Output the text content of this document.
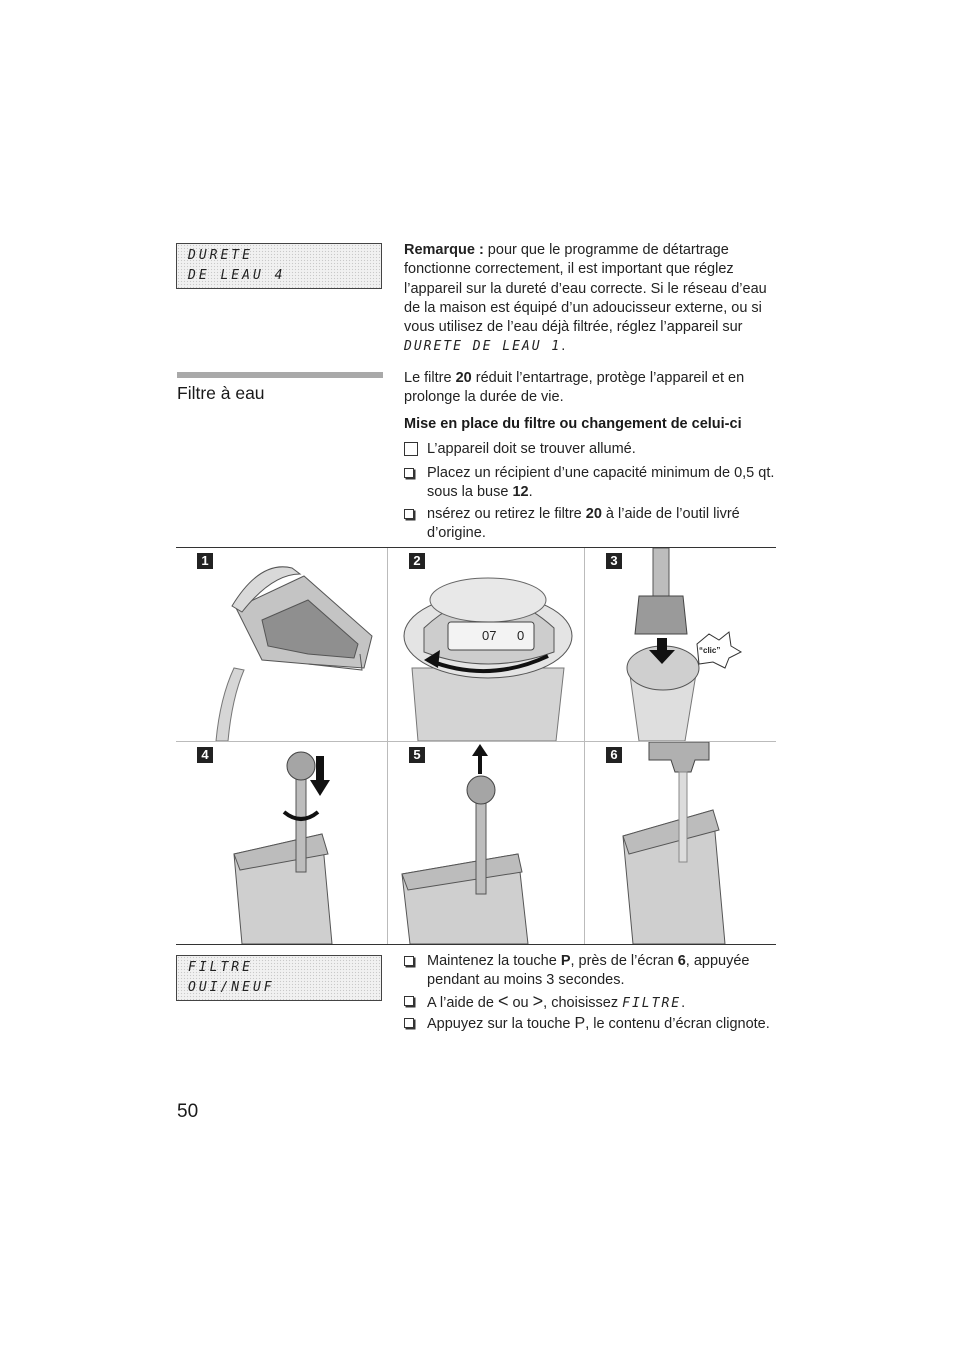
DURETE
DE LEAU 4
Remarque : pour que le programme de détartrage fonctionne correctement, il est important que réglez l’appareil sur la dureté d’eau correcte. Si le réseau d’eau de la maison est équipé d’un adoucisseur externe, ou si vous utilisez de l’eau déjà filtrée, réglez l’appareil sur DURETE DE LEAU 1.
Filtre à eau
Le filtre 20 réduit l’entartrage, protège l’appareil et en prolonge la durée de vie.
Mise en place du filtre ou changement de celui-ci
L’appareil doit se trouver allumé.
Placez un récipient d’une capacité minimum de 0,5 qt. sous la buse 12.
nsérez ou retirez le filtre 20 à l’aide de l’outil livré d’origine.
1	2
07 0
3
“clic”
4	5	6
FILTRE
OUI/NEUF
Maintenez la touche P, près de l’écran 6, appuyée pendant au moins 3 secondes.
A l’aide de < ou >, choisissez FILTRE.
Appuyez sur la touche P, le contenu d’écran clignote.
50
